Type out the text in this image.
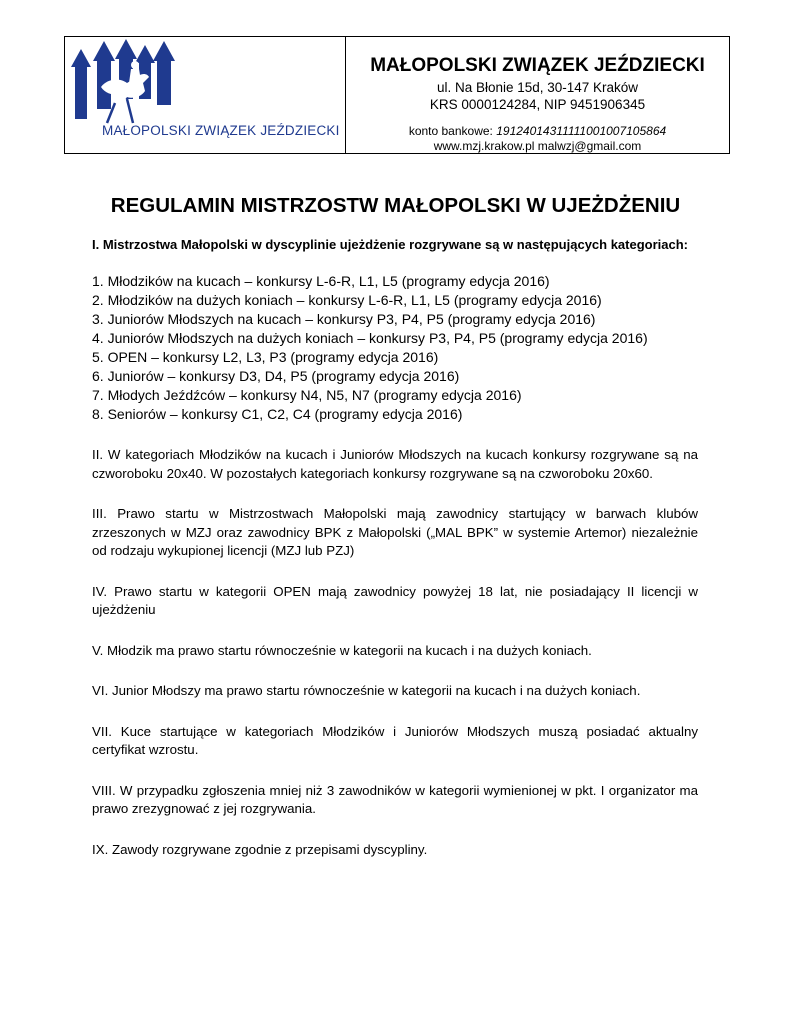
MAŁOPOLSKI ZWIĄZEK JEŹDZIECKI

MAŁOPOLSKI ZWIĄZEK JEŹDZIECKI

ul. Na Błonie 15d, 30-147 Kraków

KRS 0000124284, NIP 9451906345

konto bankowe: 19124014311111001007105864

www.mzj.krakow.pl malwzj@gmail.com

REGULAMIN MISTRZOSTW MAŁOPOLSKI W UJEŻDŻENIU

I. Mistrzostwa Małopolski w dyscyplinie ujeżdżenie rozgrywane są w następujących kategoriach:

1. Młodzików na kucach – konkursy L-6-R, L1, L5 (programy edycja 2016)
2. Młodzików na dużych koniach – konkursy L-6-R, L1, L5 (programy edycja 2016)
3. Juniorów Młodszych na kucach – konkursy P3, P4, P5 (programy edycja 2016)
4. Juniorów Młodszych na dużych koniach – konkursy P3, P4, P5 (programy edycja 2016)
5. OPEN – konkursy L2, L3, P3 (programy edycja 2016)
6. Juniorów – konkursy D3, D4, P5 (programy edycja 2016)
7. Młodych Jeźdźców – konkursy N4, N5, N7 (programy edycja 2016)
8. Seniorów – konkursy C1, C2, C4 (programy edycja 2016)

II. W kategoriach Młodzików na kucach i Juniorów Młodszych na kucach konkursy rozgrywane są na czworoboku 20x40. W pozostałych kategoriach konkursy rozgrywane są na czworoboku 20x60.

III. Prawo startu w Mistrzostwach Małopolski mają zawodnicy startujący w barwach klubów zrzeszonych w MZJ oraz zawodnicy BPK z Małopolski („MAL BPK” w systemie Artemor) niezależnie od rodzaju wykupionej licencji (MZJ lub PZJ)

IV. Prawo startu w kategorii OPEN mają zawodnicy powyżej 18 lat, nie posiadający II licencji w ujeżdżeniu

V. Młodzik ma prawo startu równocześnie w kategorii na kucach i na dużych koniach.

VI. Junior Młodszy ma prawo startu równocześnie w kategorii na kucach i na dużych koniach.

VII. Kuce startujące w kategoriach Młodzików i Juniorów Młodszych muszą posiadać aktualny certyfikat wzrostu.

VIII. W przypadku zgłoszenia mniej niż 3 zawodników w kategorii wymienionej w pkt. I organizator ma prawo zrezygnować z jej rozgrywania.

IX. Zawody rozgrywane zgodnie z przepisami dyscypliny.
